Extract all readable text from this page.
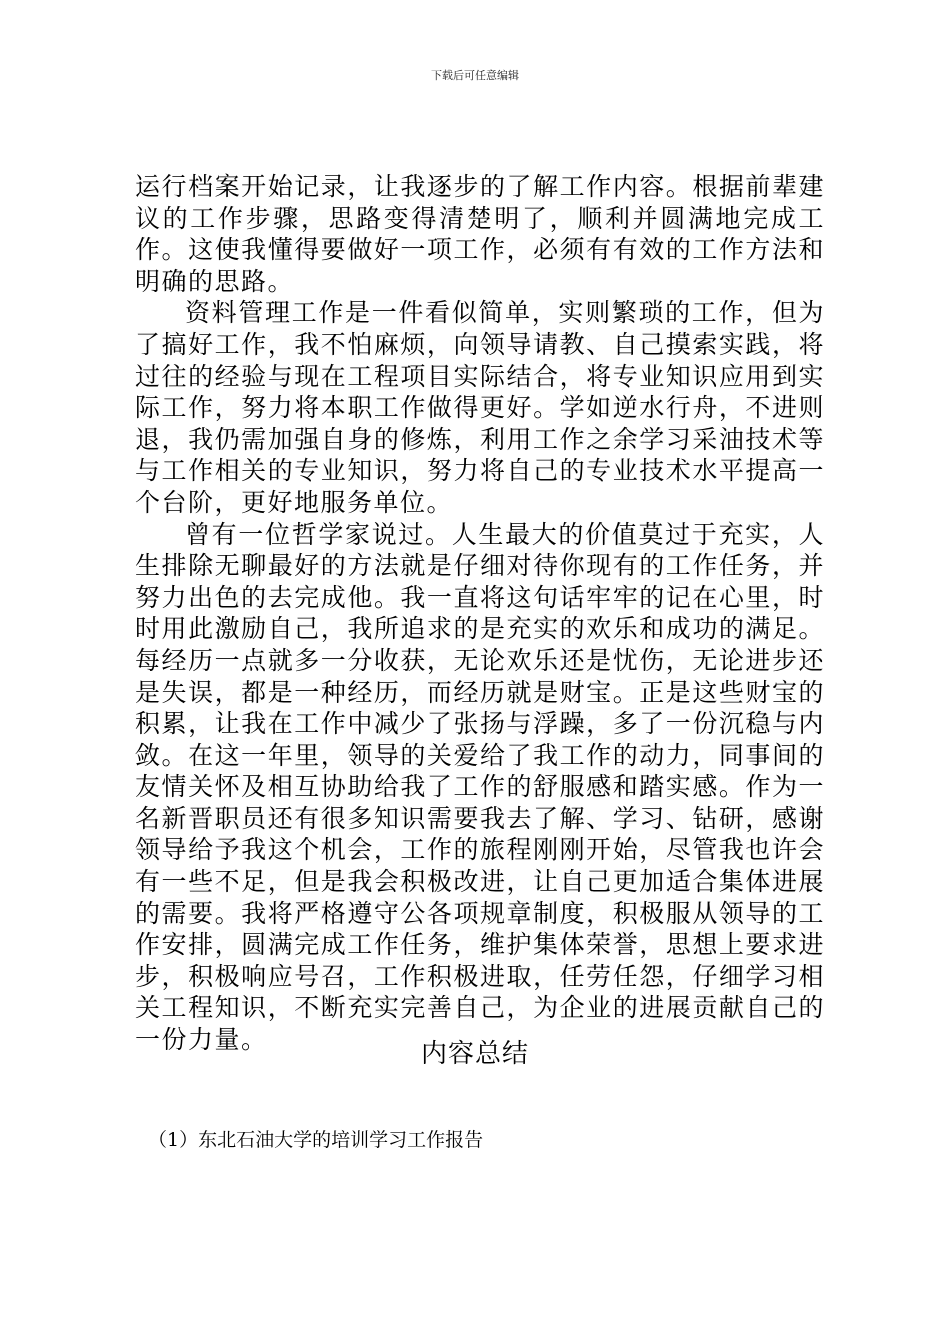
下载后可任意编辑

运行档案开始记录，让我逐步的了解工作内容。根据前辈建议的工作步骤，思路变得清楚明了，顺利并圆满地完成工作。这使我懂得要做好一项工作，必须有有效的工作方法和明确的思路。

资料管理工作是一件看似简单，实则繁琐的工作，但为了搞好工作，我不怕麻烦，向领导请教、自己摸索实践，将过往的经验与现在工程项目实际结合，将专业知识应用到实际工作，努力将本职工作做得更好。学如逆水行舟，不进则退，我仍需加强自身的修炼，利用工作之余学习采油技术等与工作相关的专业知识，努力将自己的专业技术水平提高一个台阶，更好地服务单位。

曾有一位哲学家说过。人生最大的价值莫过于充实，人生排除无聊最好的方法就是仔细对待你现有的工作任务，并努力出色的去完成他。我一直将这句话牢牢的记在心里，时时用此激励自己，我所追求的是充实的欢乐和成功的满足。每经历一点就多一分收获，无论欢乐还是忧伤，无论进步还是失误，都是一种经历，而经历就是财宝。正是这些财宝的积累，让我在工作中减少了张扬与浮躁，多了一份沉稳与内敛。在这一年里，领导的关爱给了我工作的动力，同事间的友情关怀及相互协助给我了工作的舒服感和踏实感。作为一名新晋职员还有很多知识需要我去了解、学习、钻研，感谢领导给予我这个机会，工作的旅程刚刚开始，尽管我也许会有一些不足，但是我会积极改进，让自己更加适合集体进展的需要。我将严格遵守公各项规章制度，积极服从领导的工作安排，圆满完成工作任务，维护集体荣誉，思想上要求进步，积极响应号召，工作积极进取，任劳任怨，仔细学习相关工程知识，不断充实完善自己，为企业的进展贡献自己的一份力量。	内容总结

（1）东北石油大学的培训学习工作报告
